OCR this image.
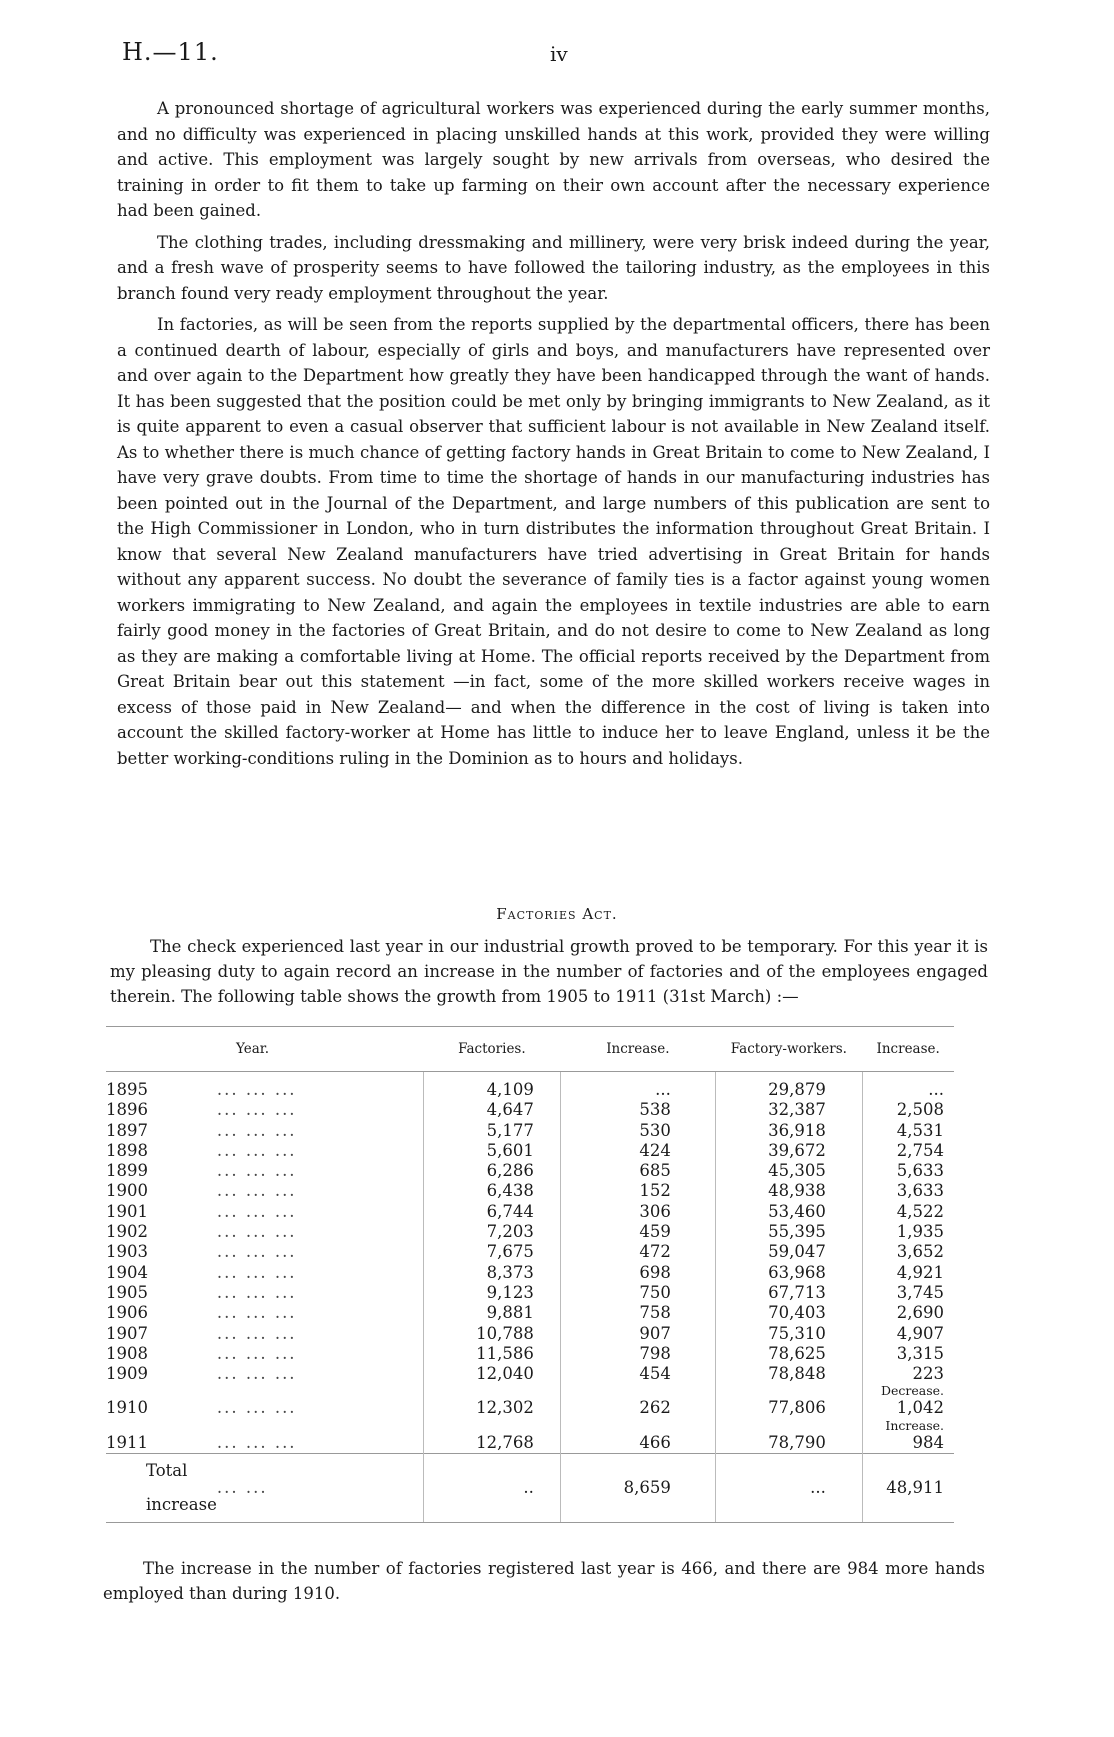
H.—11.	iv

A pronounced shortage of agricultural workers was experienced during the early summer months, and no difficulty was experienced in placing unskilled hands at this work, provided they were willing and active. This employment was largely sought by new arrivals from overseas, who desired the training in order to fit them to take up farming on their own account after the necessary experience had been gained.

The clothing trades, including dressmaking and millinery, were very brisk indeed during the year, and a fresh wave of prosperity seems to have followed the tailoring industry, as the employees in this branch found very ready employment throughout the year.

In factories, as will be seen from the reports supplied by the departmental officers, there has been a continued dearth of labour, especially of girls and boys, and manufacturers have represented over and over again to the Department how greatly they have been handicapped through the want of hands. It has been suggested that the position could be met only by bringing immigrants to New Zealand, as it is quite apparent to even a casual observer that sufficient labour is not available in New Zealand itself. As to whether there is much chance of getting factory hands in Great Britain to come to New Zealand, I have very grave doubts. From time to time the shortage of hands in our manufacturing industries has been pointed out in the Journal of the Department, and large numbers of this publication are sent to the High Commissioner in London, who in turn distributes the information throughout Great Britain. I know that several New Zealand manufacturers have tried advertising in Great Britain for hands without any apparent success. No doubt the severance of family ties is a factor against young women workers immigrating to New Zealand, and again the employees in textile industries are able to earn fairly good money in the factories of Great Britain, and do not desire to come to New Zealand as long as they are making a comfortable living at Home. The official reports received by the Department from Great Britain bear out this statement —in fact, some of the more skilled workers receive wages in excess of those paid in New Zealand— and when the difference in the cost of living is taken into account the skilled factory-worker at Home has little to induce her to leave England, unless it be the better working-conditions ruling in the Dominion as to hours and holidays.

Factories Act.

The check experienced last year in our industrial growth proved to be temporary. For this year it is my pleasing duty to again record an increase in the number of factories and of the employees engaged therein. The following table shows the growth from 1905 to 1911 (31st March) :—

Year.		Factories.	Increase.	Factory-workers.	Increase.
1895	... ... ...	4,109	...	29,879	...
1896	... ... ...	4,647	538	32,387	2,508
1897	... ... ...	5,177	530	36,918	4,531
1898	... ... ...	5,601	424	39,672	2,754
1899	... ... ...	6,286	685	45,305	5,633
1900	... ... ...	6,438	152	48,938	3,633
1901	... ... ...	6,744	306	53,460	4,522
1902	... ... ...	7,203	459	55,395	1,935
1903	... ... ...	7,675	472	59,047	3,652
1904	... ... ...	8,373	698	63,968	4,921
1905	... ... ...	9,123	750	67,713	3,745
1906	... ... ...	9,881	758	70,403	2,690
1907	... ... ...	10,788	907	75,310	4,907
1908	... ... ...	11,586	798	78,625	3,315
1909	... ... ...	12,040	454	78,848	223
					Decrease.
1910	... ... ...	12,302	262	77,806	1,042
					Increase.
1911	... ... ...	12,768	466	78,790	984
Total increase	... ...	..	8,659	...	48,911

The increase in the number of factories registered last year is 466, and there are 984 more hands employed than during 1910.
